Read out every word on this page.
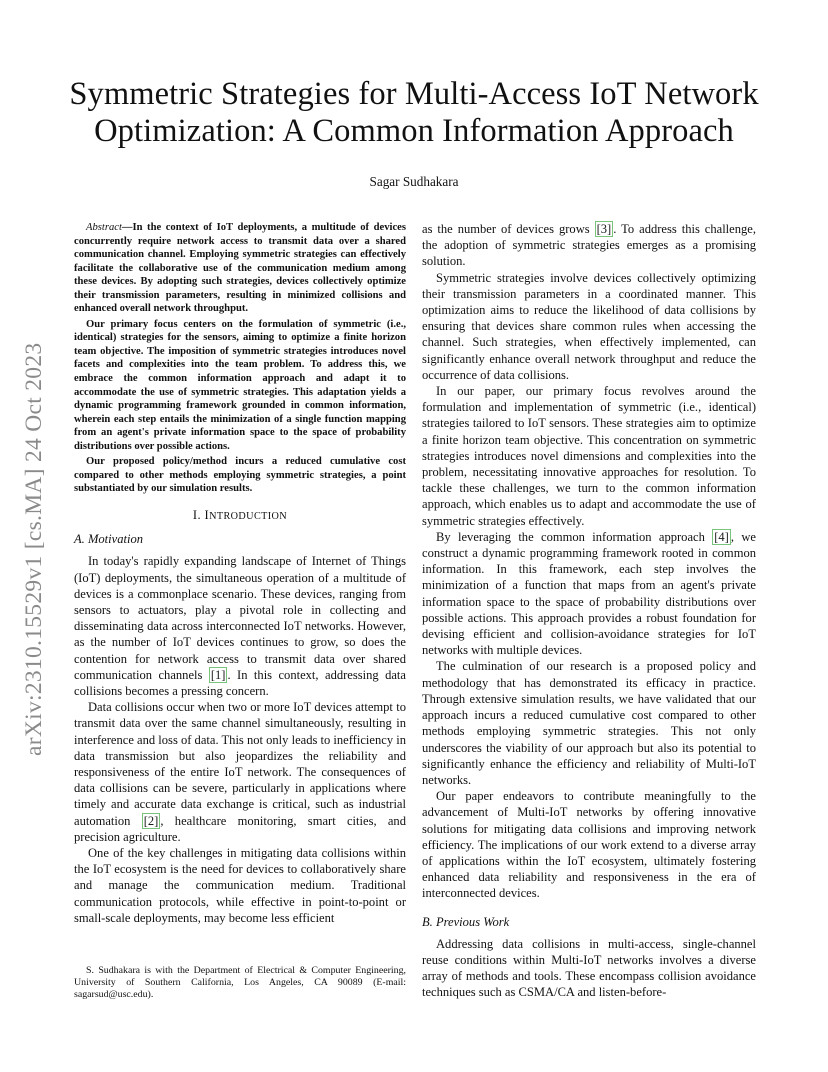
Symmetric Strategies for Multi-Access IoT Network
Optimization: A Common Information Approach
Sagar Sudhakara
arXiv:2310.15529v1 [cs.MA] 24 Oct 2023

Abstract—In the context of IoT deployments, a multitude of devices concurrently require network access to transmit data over a shared communication channel. Employing symmetric strategies can effectively facilitate the collaborative use of the communication medium among these devices. By adopting such strategies, devices collectively optimize their transmission parameters, resulting in minimized collisions and enhanced overall network throughput.

Our primary focus centers on the formulation of symmetric (i.e., identical) strategies for the sensors, aiming to optimize a finite horizon team objective. The imposition of symmetric strategies introduces novel facets and complexities into the team problem. To address this, we embrace the common information approach and adapt it to accommodate the use of symmetric strategies. This adaptation yields a dynamic programming framework grounded in common information, wherein each step entails the minimization of a single function mapping from an agent's private information space to the space of probability distributions over possible actions.

Our proposed policy/method incurs a reduced cumulative cost compared to other methods employing symmetric strategies, a point substantiated by our simulation results.

I. INTRODUCTION
A. Motivation

In today's rapidly expanding landscape of Internet of Things (IoT) deployments, the simultaneous operation of a multitude of devices is a commonplace scenario. These devices, ranging from sensors to actuators, play a pivotal role in collecting and disseminating data across interconnected IoT networks. However, as the number of IoT devices continues to grow, so does the contention for network access to transmit data over shared communication channels [1] . In this context, addressing data collisions becomes a pressing concern.

Data collisions occur when two or more IoT devices attempt to transmit data over the same channel simultaneously, resulting in interference and loss of data. This not only leads to inefficiency in data transmission but also jeopardizes the reliability and responsiveness of the entire IoT network. The consequences of data collisions can be severe, particularly in applications where timely and accurate data exchange is critical, such as industrial automation [2] , healthcare monitoring, smart cities, and precision agriculture.

One of the key challenges in mitigating data collisions within the IoT ecosystem is the need for devices to collaboratively share and manage the communication medium. Traditional communication protocols, while effective in point-to-point or small-scale deployments, may become less efficient

S. Sudhakara is with the Department of Electrical & Computer Engineering, University of Southern California, Los Angeles, CA 90089 (E-mail: sagarsud@usc.edu).

as the number of devices grows [3] . To address this challenge, the adoption of symmetric strategies emerges as a promising solution.

Symmetric strategies involve devices collectively optimizing their transmission parameters in a coordinated manner. This optimization aims to reduce the likelihood of data collisions by ensuring that devices share common rules when accessing the channel. Such strategies, when effectively implemented, can significantly enhance overall network throughput and reduce the occurrence of data collisions.

In our paper, our primary focus revolves around the formulation and implementation of symmetric (i.e., identical) strategies tailored to IoT sensors. These strategies aim to optimize a finite horizon team objective. This concentration on symmetric strategies introduces novel dimensions and complexities into the problem, necessitating innovative approaches for resolution. To tackle these challenges, we turn to the common information approach, which enables us to adapt and accommodate the use of symmetric strategies effectively.

By leveraging the common information approach [4] , we construct a dynamic programming framework rooted in common information. In this framework, each step involves the minimization of a function that maps from an agent's private information space to the space of probability distributions over possible actions. This approach provides a robust foundation for devising efficient and collision-avoidance strategies for IoT networks with multiple devices.

The culmination of our research is a proposed policy and methodology that has demonstrated its efficacy in practice. Through extensive simulation results, we have validated that our approach incurs a reduced cumulative cost compared to other methods employing symmetric strategies. This not only underscores the viability of our approach but also its potential to significantly enhance the efficiency and reliability of Multi-IoT networks.

Our paper endeavors to contribute meaningfully to the advancement of Multi-IoT networks by offering innovative solutions for mitigating data collisions and improving network efficiency. The implications of our work extend to a diverse array of applications within the IoT ecosystem, ultimately fostering enhanced data reliability and responsiveness in the era of interconnected devices.

B. Previous Work

Addressing data collisions in multi-access, single-channel reuse conditions within Multi-IoT networks involves a diverse array of methods and tools. These encompass collision avoidance techniques such as CSMA/CA and listen-before-
